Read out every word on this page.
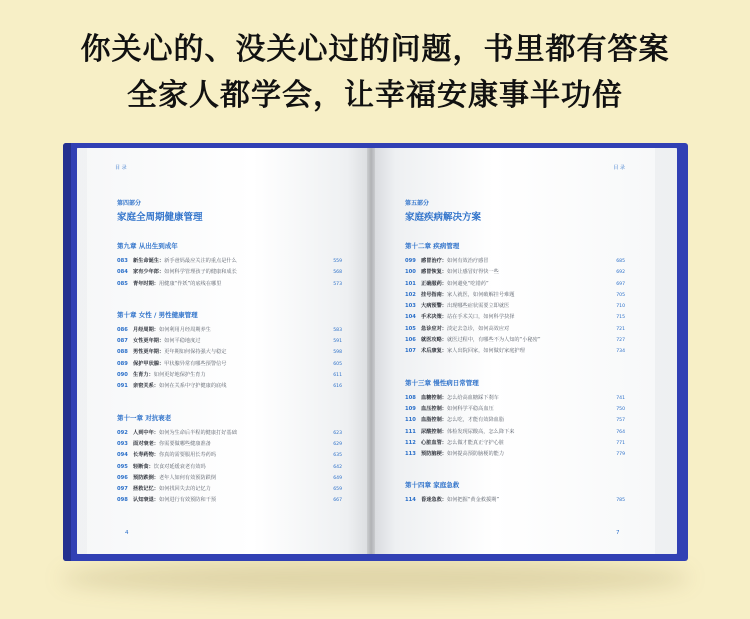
你关心的、没关心过的问题，书里都有答案
全家人都学会，让幸福安康事半功倍
目 录
第四部分
家庭全周期健康管理
第九章 从出生到成年
083 新生命诞生：新手爸妈最应关注的重点是什么	559
084 家有少年郎：如何科学管理孩子的健康和成长	568
085 青年时期：用健康“作妖”的底线在哪里	573
第十章 女性 / 男性健康管理
086 月经周期：如何利用月经周期养生	583
087 女性更年期：如何平稳地度过	591
088 男性更年期：更年期如何保持强大与稳定	598
089 保护甲状腺：甲状腺异常有哪些预警信号	605
090 生育力：如何更好地保护生育力	611
091 亲密关系：如何在关系中守护健康的底线	616
第十一章 对抗衰老
092 人到中年：如何为生命后半程的健康打好基础	623
093 面对衰老：你需要做哪些健康准备	629
094 长寿药物：你真的需要服用长寿药吗	635
095 轻断食：饮食对延缓衰老有效吗	642
096 预防跌倒：老年人如何有效预防跌倒	649
097 拯救记忆：如何找回失去的记忆力	659
098 认知衰退：如何进行有效预防和干预	667
4
目 录
第五部分
家庭疾病解决方案
第十二章 疾病管理
099 感冒治疗：如何有效治疗感冒	685
100 感冒恢复：如何让感冒好得快一些	692
101 正确服药：如何避免“吃错药”	697
102 挂号指南：家人就医，如何破解挂号难题	705
103 大病预警：出现哪些症状需要立即就医	710
104 手术决策：站在手术关口，如何科学抉择	715
105 急诊应对：淡定去急诊，如何高效应对	721
106 就医攻略：就医过程中，有哪些不为人知的“小秘密”	727
107 术后康复：家人出院回家，如何做好家庭护理	734
第十三章 慢性病日常管理
108 血糖控制：怎么给高血糖踩下刹车	741
109 血压控制：如何科学平稳高血压	750
110 血脂控制：怎么吃，才能有效降血脂	757
111 尿酸控制：体检发现尿酸高，怎么降下来	764
112 心脏血管：怎么做才能真正守护心脏	771
113 预防脑梗：如何提高预防脑梗的能力	779
第十四章 家庭急救
114 昏迷急救：如何把握“黄金救援期”	785
7
